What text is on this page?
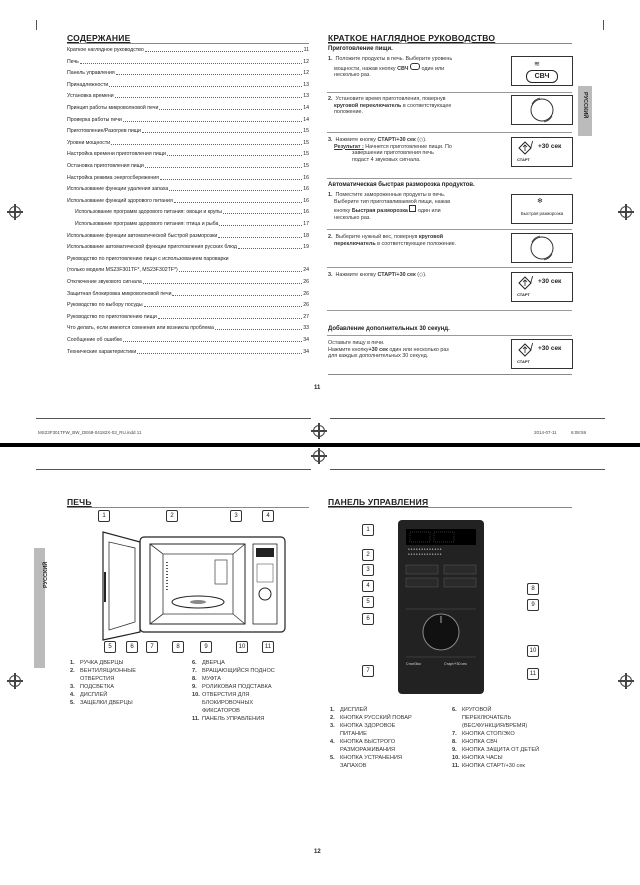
СОДЕРЖАНИЕ	КРАТКОЕ НАГЛЯДНОЕ РУКОВОДСТВО
Приготовление пищи.
1. Положите продукты в печь. Выберите уровень
мощности, нажав кнопку СВЧ один или
несколько раз.
≋
СВЧ
2. Установите время приготовления, повернув
круговой переключатель в соответствующее
положение.
3. Нажмите кнопку СТАРТ/+30 сек (◇).
Результат : Начнется приготовление пищи. По
завершении приготовления печь
подаст 4 звуковых сигнала.
/ +30 сек
СТАРТ
Автоматическая быстрая разморозка продуктов.
1. Поместите замороженные продукты в печь.
Выберите тип приготавливаемой пищи, нажав
кнопку Быстрая разморозка один или
несколько раз.
❄
Быстрая разморозка
2. Выберите нужный вес, повернув круговой
переключатель в соответствующее положение.
3. Нажмите кнопку СТАРТ/+30 сек (◇).	/ +30 сек
СТАРТ
Добавление дополнительных 30 секунд.
Оставьте пищу в печи.
Нажмите кнопку+30 сек один или несколько раз
для каждых дополнительных 30 секунд.
/ +30 сек
СТАРТ
РУССКИЙ
11
MS23F301TFW_BW_DE68-04182X-03_RU.indd 11	2014-07-11	6:08:59
Краткое наглядное руководство	11
Печь	12
Панель управления	12
Принадлежности	13
Установка времени	13
Принцип работы микроволновой печи	14
Проверка работы печи	14
Приготовление/Разогрев пищи	15
Уровни мощности	15
Настройка времени приготовления пищи	15
Остановка приготовления пищи	15
Настройка режима энергосбережения	16
Использование функции удаления запаха	16
Использование функций здорового питания	16
Использование программ здорового питания: овощи и крупы	16
Использование программ здорового питания: птица и рыба	17
Использование функции автоматической быстрой разморозки	18
Использование автоматической функции приготовления русских блюд	19
Руководство по приготовлению пищи с использованием пароварки
(только модели MS23F301TF*, MS23F302TF*)	24
Отключение звукового сигнала	26
Защитная блокировка микроволновой печи	26
Руководство по выбору посуды	26
Руководство по приготовлению пищи	27
Что делать, если имеются сомнения или возникла проблема	33
Сообщение об ошибке	34
Технические характеристики	34
РУССКИЙ
ПЕЧЬ	ПАНЕЛЬ УПРАВЛЕНИЯ
● ● ● ● ● ● ● ● ● ● ● ● ●
● ● ● ● ● ● ● ● ● ● ● ● ●
Стоп/Эко	Старт/+30 сек
12
1	2	3	4
5	6	7	8	9	10	11
1
2
3
4
5
6
7
8
9
10
11
1. РУЧКА ДВЕРЦЫ
2. ВЕНТИЛЯЦИОННЫЕ
ОТВЕРСТИЯ
3. ПОДСВЕТКА
4. ДИСПЛЕЙ
5. ЗАЩЕЛКИ ДВЕРЦЫ
6. ДВЕРЦА
7. ВРАЩАЮЩИЙСЯ ПОДНОС
8. МУФТА
9. РОЛИКОВАЯ ПОДСТАВКА
10. ОТВЕРСТИЯ ДЛЯ
БЛОКИРОВОЧНЫХ
ФИКСАТОРОВ
11. ПАНЕЛЬ УПРАВЛЕНИЯ
1. ДИСПЛЕЙ
2. КНОПКА РУССКИЙ ПОВАР
3. КНОПКА ЗДОРОВОЕ
ПИТАНИЕ
4. КНОПКА БЫСТРОГО
РАЗМОРАЖИВАНИЯ
5. КНОПКА УСТРАНЕНИЯ
ЗАПАХОВ
6. КРУГОВОЙ
ПЕРЕКЛЮЧАТЕЛЬ
(ВЕС/ФУНКЦИЯ/ВРЕМЯ)
7. КНОПКА СТОП/ЭКО
8. КНОПКА СВЧ
9. КНОПКА ЗАЩИТА ОТ ДЕТЕЙ
10. КНОПКА ЧАСЫ
11. КНОПКА СТАРТ/+30 сек
